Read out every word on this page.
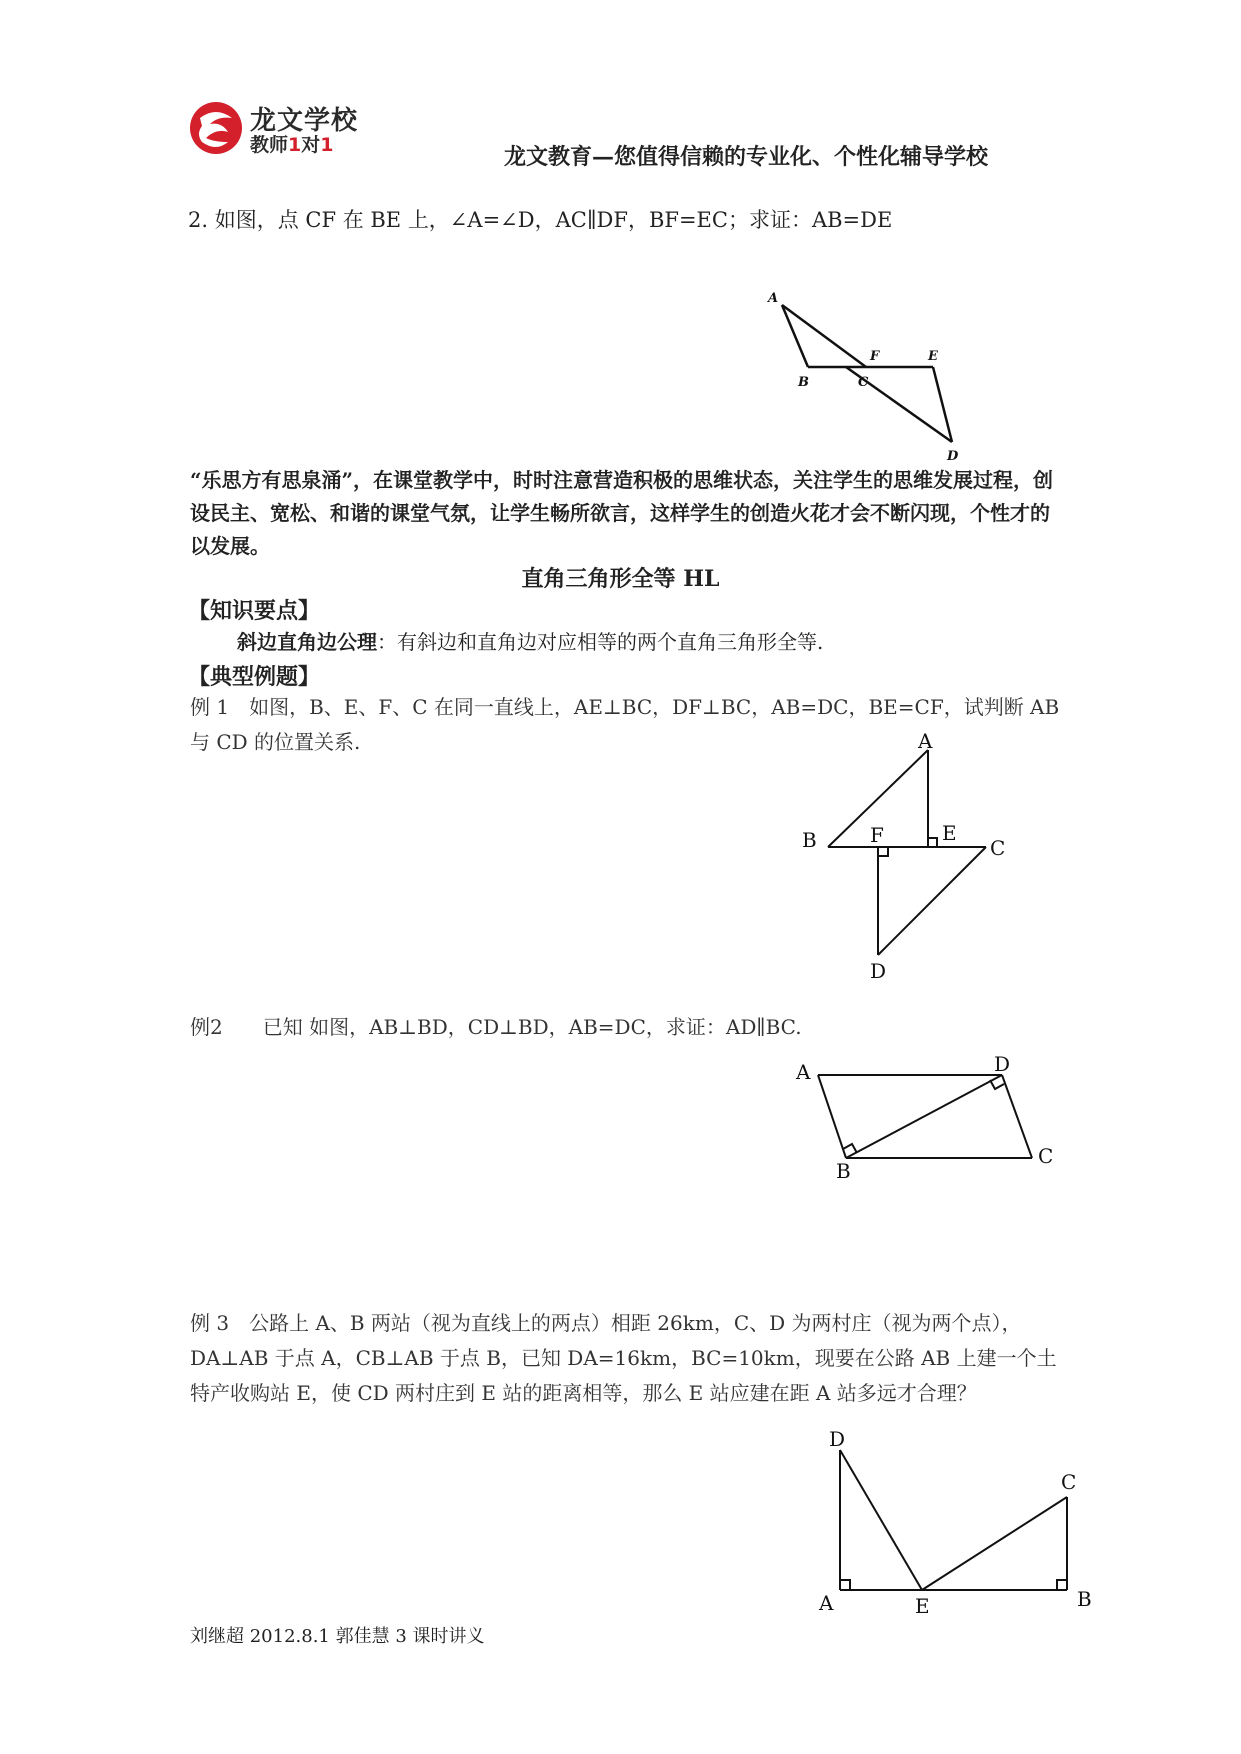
龙文学校
教师1对1	龙文教育—您值得信赖的专业化、个性化辅导学校
2. 如图，点 CF 在 BE 上，∠A=∠D，AC∥DF，BF=EC；求证：AB=DE
A
B	C
F	E
D
“乐思方有思泉涌”，在课堂教学中，时时注意营造积极的思维状态，关注学生的思维发展过程，创设民主、宽松、和谐的课堂气氛，让学生畅所欲言，这样学生的创造火花才会不断闪现，个性才的以发展。
直角三角形全等 HL
【知识要点】
斜边直角边公理：有斜边和直角边对应相等的两个直角三角形全等.
【典型例题】
例 1　如图，B、E、F、C 在同一直线上，AE⊥BC，DF⊥BC，AB=DC，BE=CF，试判断 AB 与 CD 的位置关系.	A
B	F	E
C
D
例2　　已知 如图，AB⊥BD，CD⊥BD，AB=DC，求证：AD∥BC.
A	D
B
C
例 3　公路上 A、B 两站（视为直线上的两点）相距 26km，C、D 为两村庄（视为两个点），DA⊥AB 于点 A，CB⊥AB 于点 B，已知 DA=16km，BC=10km，现要在公路 AB 上建一个土特产收购站 E，使 CD 两村庄到 E 站的距离相等，那么 E 站应建在距 A 站多远才合理？
D
C
A	E	B
刘继超 2012.8.1 郭佳慧 3 课时讲义
